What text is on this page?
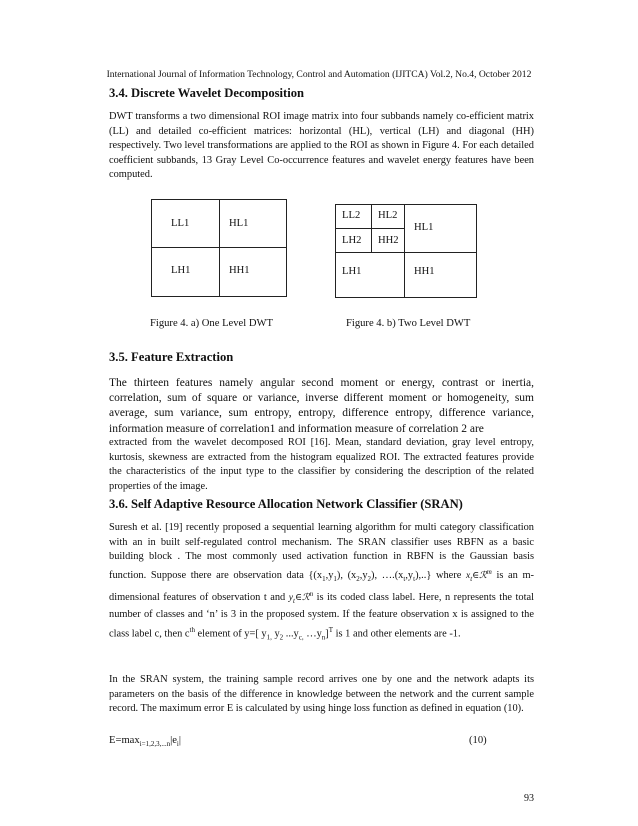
International Journal of Information Technology, Control and Automation (IJITCA) Vol.2, No.4, October 2012
3.4. Discrete Wavelet Decomposition

DWT transforms a two dimensional ROI image matrix into four subbands namely co-efficient matrix (LL) and detailed co-efficient matrices: horizontal (HL), vertical (LH) and diagonal (HH) respectively. Two level transformations are applied to the ROI as shown in Figure 4. For each detailed coefficient subbands, 13 Gray Level Co-occurrence features and wavelet energy features have been computed.

LL1	HL1
LH1	HH1
LL2 HL2
LH2 HH2
HL1
LH1	HH1
Figure 4. a) One Level DWT	Figure 4. b) Two Level DWT
3.5. Feature Extraction

The thirteen features namely angular second moment or energy, contrast or inertia, correlation, sum of square or variance, inverse different moment or homogeneity, sum average, sum variance, sum entropy, entropy, difference entropy, difference variance, information measure of correlation1 and information measure of correlation 2 are

extracted from the wavelet decomposed ROI [16]. Mean, standard deviation, gray level entropy, kurtosis, skewness are extracted from the histogram equalized ROI. The extracted features provide the characteristics of the input type to the classifier by considering the description of the related properties of the image.

3.6. Self Adaptive Resource Allocation Network Classifier (SRAN)

Suresh et al. [19] recently proposed a sequential learning algorithm for multi category classification with an in built self-regulated control mechanism. The SRAN classifier uses RBFN as a basic building block . The most commonly used activation function in RBFN is the Gaussian basis function. Suppose there are observation data {$(x_1,y_1)$, $(x_2,y_2)$, $\dots.(x_t,y_t)$,..} where $x_t\in ℛ^m$ is an m-dimensional features of observation t and $y_t\in ℛ^n$ is its coded class label. Here, n represents the total number of classes and ‘n’ is 3 in the proposed system. If the feature observation x is assigned to the class label c, then $c^{th}$ element of y=[ $y_{1,}$ $y_2$ $...y_{c,}$ $\dots y_n]^T$ is 1 and other elements are -1.

In the SRAN system, the training sample record arrives one by one and the network adapts its parameters on the basis of the difference in knowledge between the network and the current sample record. The maximum error E is calculated by using hinge loss function as defined in equation (10).

$E=\max_{i=1,2,3,...n}|e_i|$	(10)
93
